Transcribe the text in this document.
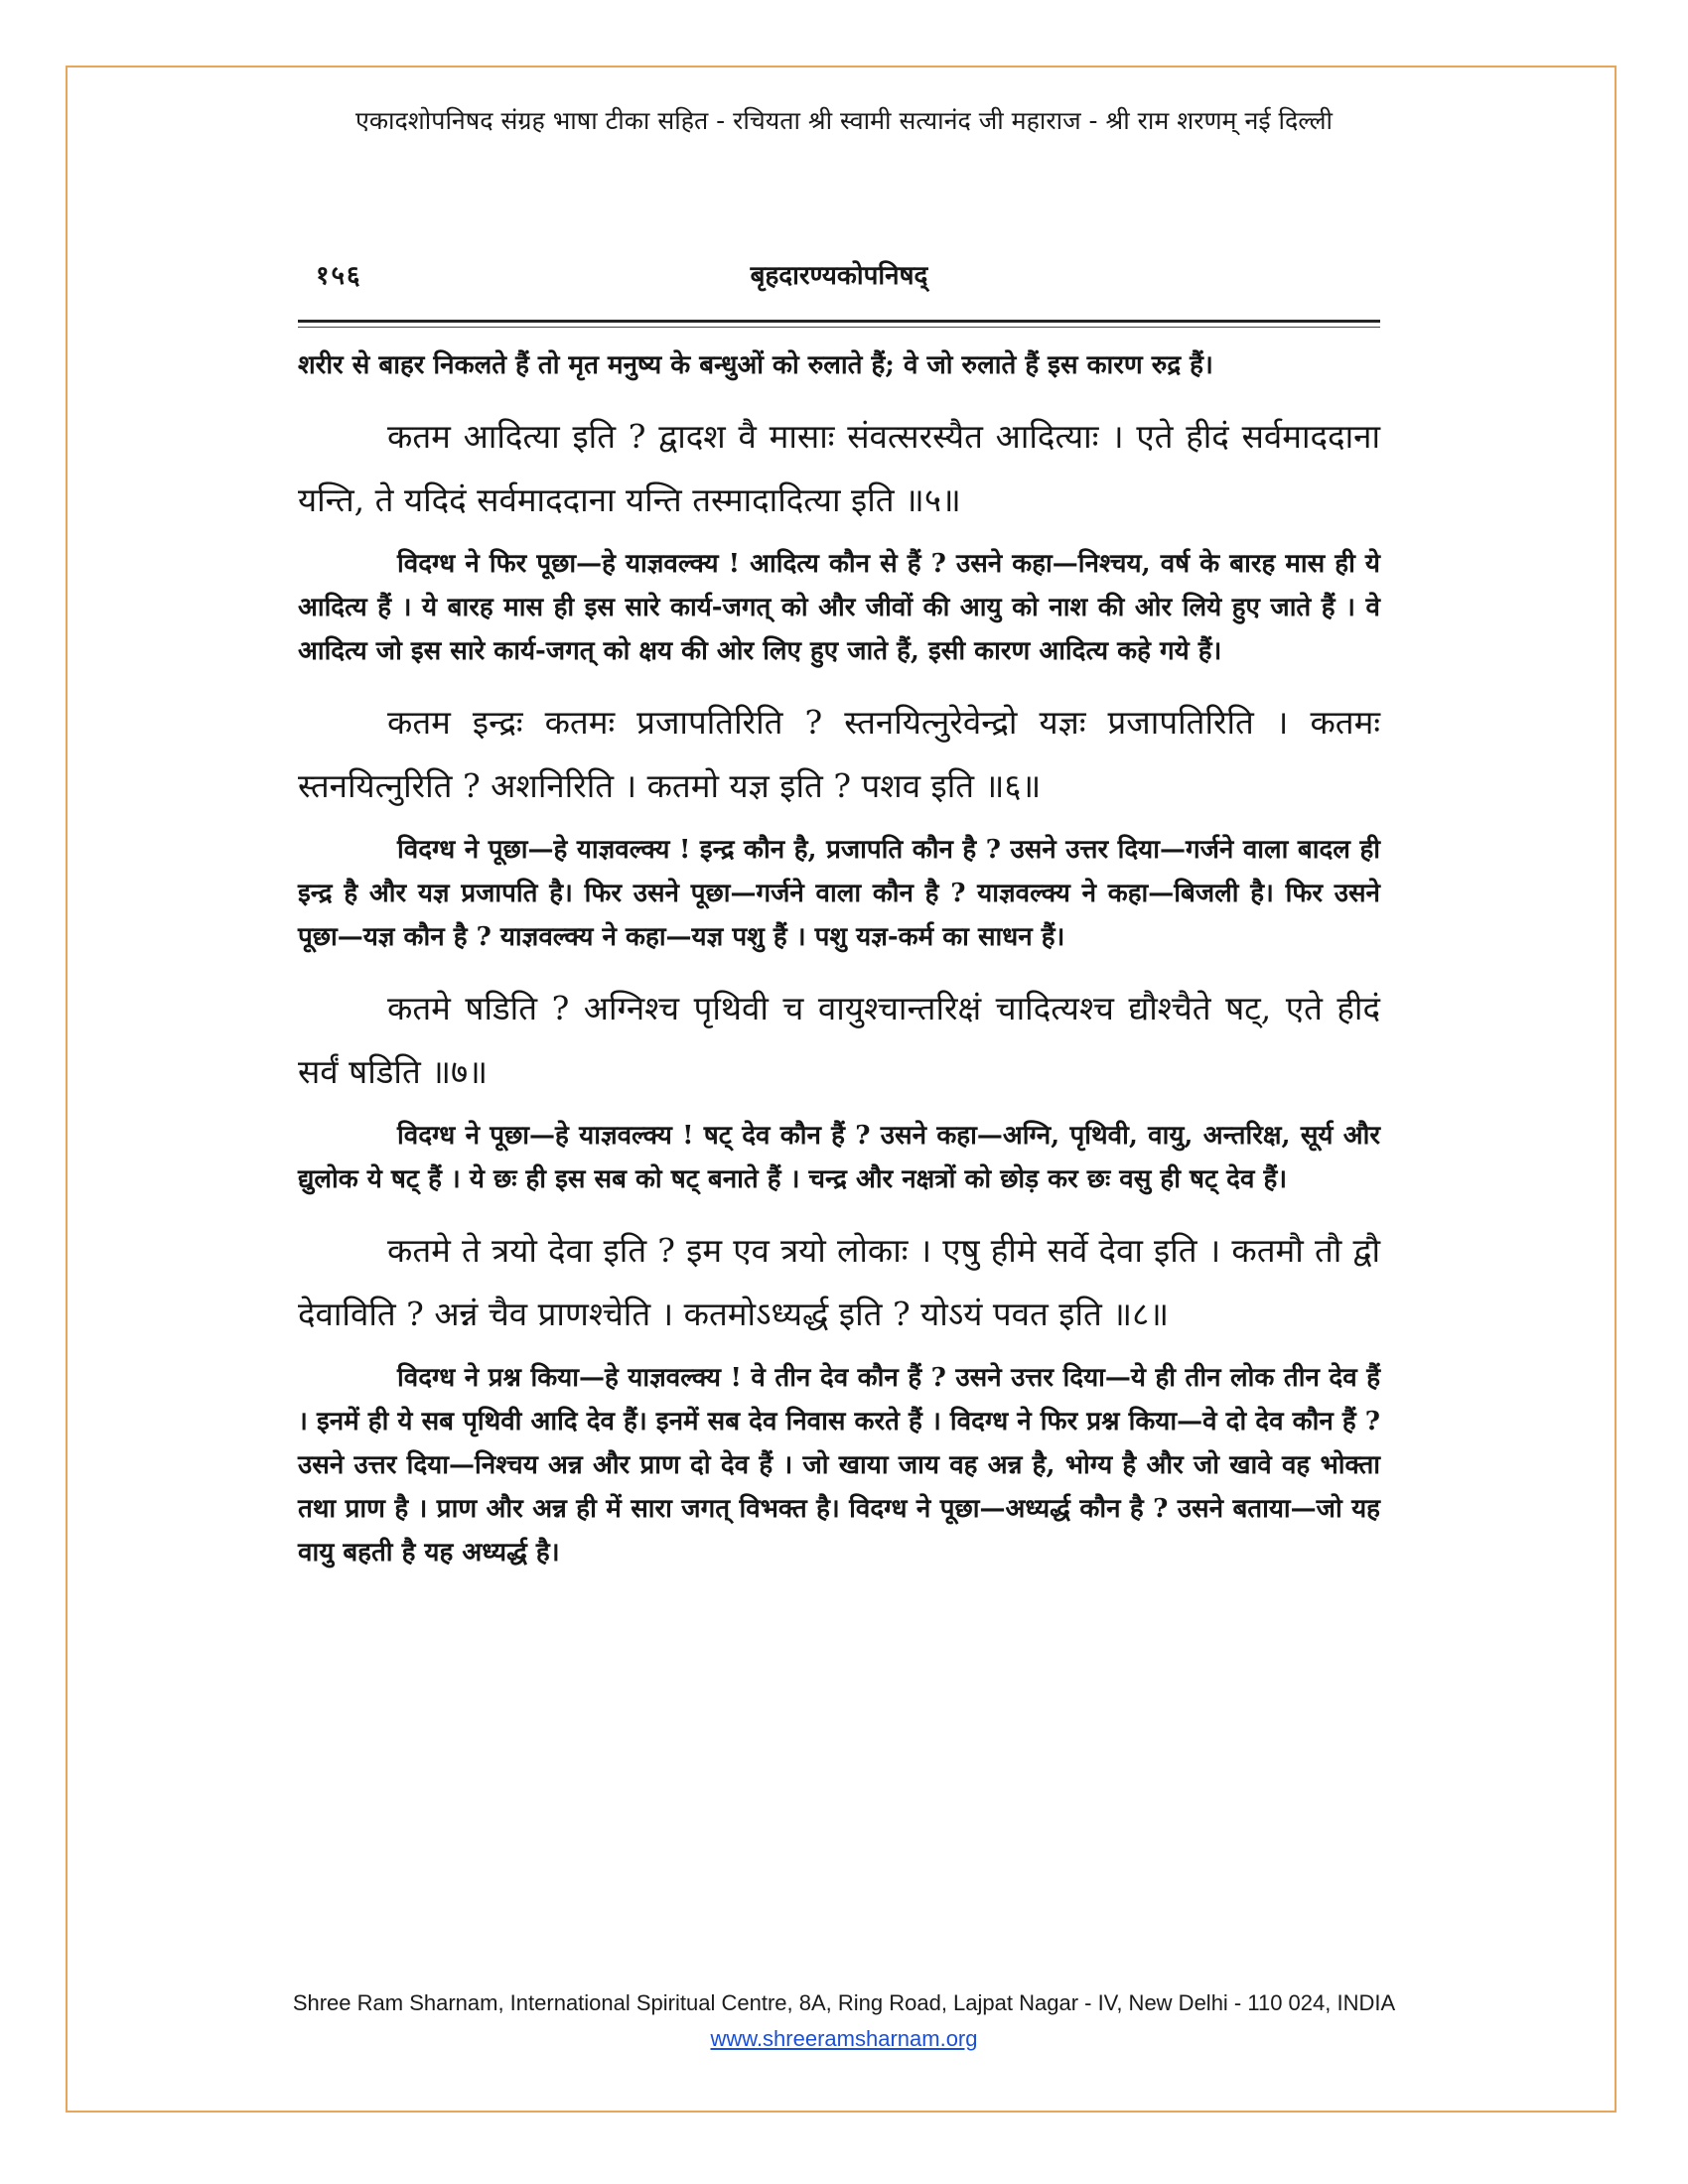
एकादशोपनिषद संग्रह भाषा टीका सहित - रचियता श्री स्वामी सत्यानंद जी महाराज - श्री राम शरणम् नई दिल्ली
१५६	बृहदारण्यकोपनिषद्

शरीर से बाहर निकलते हैं तो मृत मनुष्य के बन्धुओं को रुलाते हैं; वे जो रुलाते हैं इस कारण रुद्र हैं।

कतम आदित्या इति ? द्वादश वै मासाः संवत्सरस्यैत आदित्याः । एते हीदं सर्वमाददाना यन्ति, ते यदिदं सर्वमाददाना यन्ति तस्मादादित्या इति ॥५॥

विदग्ध ने फिर पूछा—हे याज्ञवल्क्य ! आदित्य कौन से हैं ? उसने कहा—निश्चय, वर्ष के बारह मास ही ये आदित्य हैं । ये बारह मास ही इस सारे कार्य-जगत् को और जीवों की आयु को नाश की ओर लिये हुए जाते हैं । वे आदित्य जो इस सारे कार्य-जगत् को क्षय की ओर लिए हुए जाते हैं, इसी कारण आदित्य कहे गये हैं।

कतम इन्द्रः कतमः प्रजापतिरिति ? स्तनयित्नुरेवेन्द्रो यज्ञः प्रजापतिरिति । कतमः स्तनयित्नुरिति ? अशनिरिति । कतमो यज्ञ इति ? पशव इति ॥६॥

विदग्ध ने पूछा—हे याज्ञवल्क्य ! इन्द्र कौन है, प्रजापति कौन है ? उसने उत्तर दिया—गर्जने वाला बादल ही इन्द्र है और यज्ञ प्रजापति है। फिर उसने पूछा—गर्जने वाला कौन है ? याज्ञवल्क्य ने कहा—बिजली है। फिर उसने पूछा—यज्ञ कौन है ? याज्ञवल्क्य ने कहा—यज्ञ पशु हैं । पशु यज्ञ-कर्म का साधन हैं।

कतमे षडिति ? अग्निश्च पृथिवी च वायुश्चान्तरिक्षं चादित्यश्च द्यौश्चैते षट्, एते हीदं सर्वं षडिति ॥७॥

विदग्ध ने पूछा—हे याज्ञवल्क्य ! षट् देव कौन हैं ? उसने कहा—अग्नि, पृथिवी, वायु, अन्तरिक्ष, सूर्य और द्युलोक ये षट् हैं । ये छः ही इस सब को षट् बनाते हैं । चन्द्र और नक्षत्रों को छोड़ कर छः वसु ही षट् देव हैं।

कतमे ते त्रयो देवा इति ? इम एव त्रयो लोकाः । एषु हीमे सर्वे देवा इति । कतमौ तौ द्वौ देवाविति ? अन्नं चैव प्राणश्चेति । कतमोऽध्यर्द्ध इति ? योऽयं पवत इति ॥८॥

विदग्ध ने प्रश्न किया—हे याज्ञवल्क्य ! वे तीन देव कौन हैं ? उसने उत्तर दिया—ये ही तीन लोक तीन देव हैं । इनमें ही ये सब पृथिवी आदि देव हैं। इनमें सब देव निवास करते हैं । विदग्ध ने फिर प्रश्न किया—वे दो देव कौन हैं ? उसने उत्तर दिया—निश्चय अन्न और प्राण दो देव हैं । जो खाया जाय वह अन्न है, भोग्य है और जो खावे वह भोक्ता तथा प्राण है । प्राण और अन्न ही में सारा जगत् विभक्त है। विदग्ध ने पूछा—अध्यर्द्ध कौन है ? उसने बताया—जो यह वायु बहती है यह अध्यर्द्ध है।

Shree Ram Sharnam, International Spiritual Centre, 8A, Ring Road, Lajpat Nagar - IV, New Delhi - 110 024, INDIA
www.shreeramsharnam.org
